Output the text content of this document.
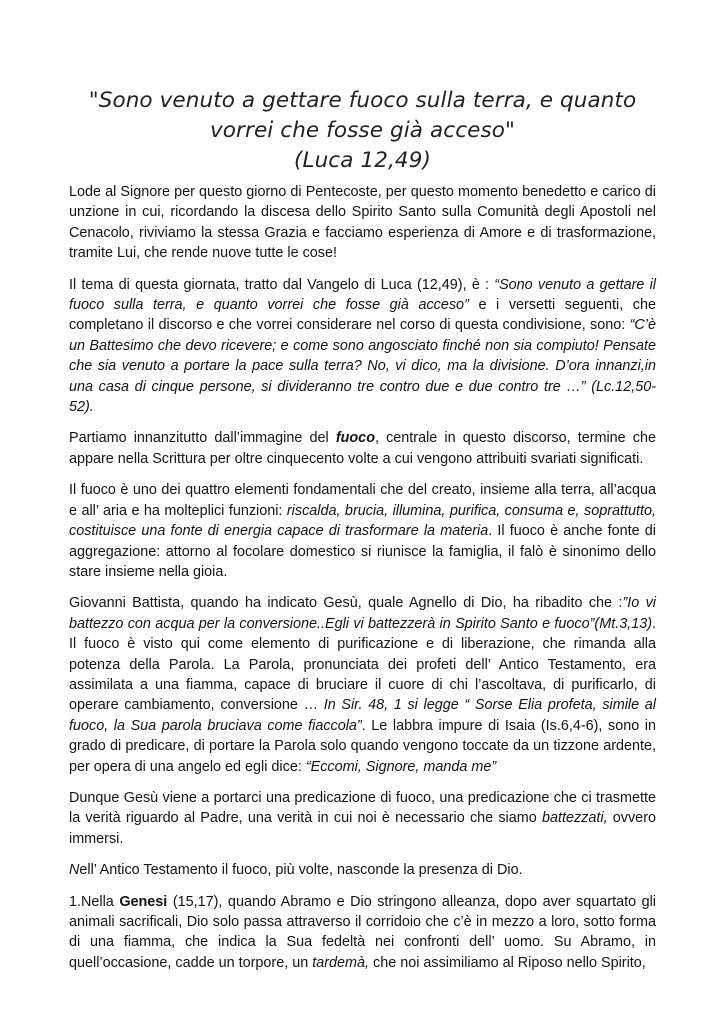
"Sono venuto a gettare fuoco sulla terra, e quanto
vorrei che fosse già acceso"
(Luca 12,49)

Lode al Signore per questo giorno di Pentecoste, per questo momento benedetto e carico di unzione in cui, ricordando la discesa dello Spirito Santo sulla Comunità degli Apostoli nel Cenacolo, riviviamo la stessa Grazia e facciamo esperienza di Amore e di trasformazione, tramite Lui, che rende nuove tutte le cose!

Il tema di questa giornata, tratto dal Vangelo di Luca (12,49), è : “Sono venuto a gettare il fuoco sulla terra, e quanto vorrei che fosse già acceso” e i versetti seguenti, che completano il discorso e che vorrei considerare nel corso di questa condivisione, sono: “C’è un Battesimo che devo ricevere; e come sono angosciato finché non sia compiuto! Pensate che sia venuto a portare la pace sulla terra? No, vi dico, ma la divisione. D’ora innanzi,in una casa di cinque persone, si divideranno tre contro due e due contro tre …” (Lc.12,50-52).

Partiamo innanzitutto dall’immagine del fuoco, centrale in questo discorso, termine che appare nella Scrittura per oltre cinquecento volte a cui vengono attribuiti svariati significati.

Il fuoco è uno dei quattro elementi fondamentali che del creato, insieme alla terra, all’acqua e all’ aria e ha molteplici funzioni: riscalda, brucia, illumina, purifica, consuma e, soprattutto, costituisce una fonte di energia capace di trasformare la materia. Il fuoco è anche fonte di aggregazione: attorno al focolare domestico si riunisce la famiglia, il falò è sinonimo dello stare insieme nella gioia.

Giovanni Battista, quando ha indicato Gesù, quale Agnello di Dio, ha ribadito che :”Io vi battezzo con acqua per la conversione..Egli vi battezzerà in Spirito Santo e fuoco”(Mt.3,13). Il fuoco è visto qui come elemento di purificazione e di liberazione, che rimanda alla potenza della Parola. La Parola, pronunciata dei profeti dell’ Antico Testamento, era assimilata a una fiamma, capace di bruciare il cuore di chi l’ascoltava, di purificarlo, di operare cambiamento, conversione … In Sir. 48, 1 si legge “ Sorse Elia profeta, simile al fuoco, la Sua parola bruciava come fiaccola”. Le labbra impure di Isaia (Is.6,4-6), sono in grado di predicare, di portare la Parola solo quando vengono toccate da un tizzone ardente, per opera di una angelo ed egli dice: “Eccomi, Signore, manda me”

Dunque Gesù viene a portarci una predicazione di fuoco, una predicazione che ci trasmette la verità riguardo al Padre, una verità in cui noi è necessario che siamo battezzati, ovvero immersi.

Nell’ Antico Testamento il fuoco, più volte, nasconde la presenza di Dio.

1.Nella Genesi (15,17), quando Abramo e Dio stringono alleanza, dopo aver squartato gli animali sacrificali, Dio solo passa attraverso il corridoio che c’è in mezzo a loro, sotto forma di una fiamma, che indica la Sua fedeltà nei confronti dell’ uomo. Su Abramo, in quell’occasione, cadde un torpore, un tardemà, che noi assimiliamo al Riposo nello Spirito,
